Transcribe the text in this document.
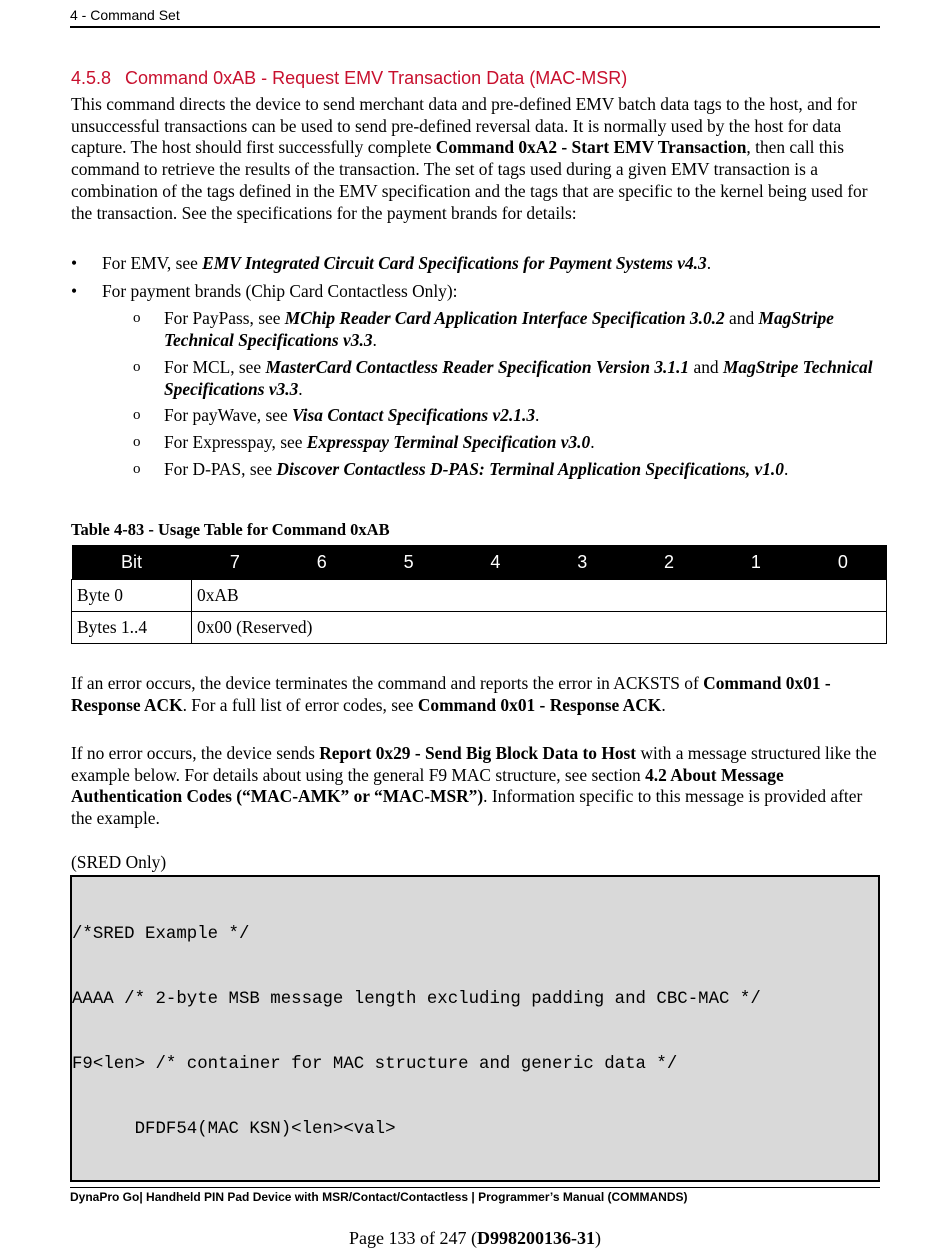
4 - Command Set
4.5.8 Command 0xAB - Request EMV Transaction Data (MAC-MSR)
This command directs the device to send merchant data and pre-defined EMV batch data tags to the host, and for unsuccessful transactions can be used to send pre-defined reversal data. It is normally used by the host for data capture. The host should first successfully complete Command 0xA2 - Start EMV Transaction, then call this command to retrieve the results of the transaction. The set of tags used during a given EMV transaction is a combination of the tags defined in the EMV specification and the tags that are specific to the kernel being used for the transaction. See the specifications for the payment brands for details:
• For EMV, see EMV Integrated Circuit Card Specifications for Payment Systems v4.3.
• For payment brands (Chip Card Contactless Only):
o For PayPass, see MChip Reader Card Application Interface Specification 3.0.2 and MagStripe Technical Specifications v3.3.
o For MCL, see MasterCard Contactless Reader Specification Version 3.1.1 and MagStripe Technical Specifications v3.3.
o For payWave, see Visa Contact Specifications v2.1.3.
o For Expresspay, see Expresspay Terminal Specification v3.0.
o For D-PAS, see Discover Contactless D-PAS: Terminal Application Specifications, v1.0.
Table 4-83 - Usage Table for Command 0xAB
Bit	7	6	5	4	3	2	1	0
Byte 0	0xAB							
Bytes 1..4	0x00 (Reserved)							
If an error occurs, the device terminates the command and reports the error in ACKSTS of Command 0x01 - Response ACK. For a full list of error codes, see Command 0x01 - Response ACK.
If no error occurs, the device sends Report 0x29 - Send Big Block Data to Host with a message structured like the example below. For details about using the general F9 MAC structure, see section 4.2 About Message Authentication Codes (“MAC-AMK” or “MAC-MSR”). Information specific to this message is provided after the example.
(SRED Only)

/*SRED Example */

AAAA /* 2-byte MSB message length excluding padding and CBC-MAC */

F9<len> /* container for MAC structure and generic data */

DFDF54(MAC KSN)<len><val>

DynaPro Go| Handheld PIN Pad Device with MSR/Contact/Contactless | Programmer’s Manual (COMMANDS)
Page 133 of 247 (D998200136-31)
